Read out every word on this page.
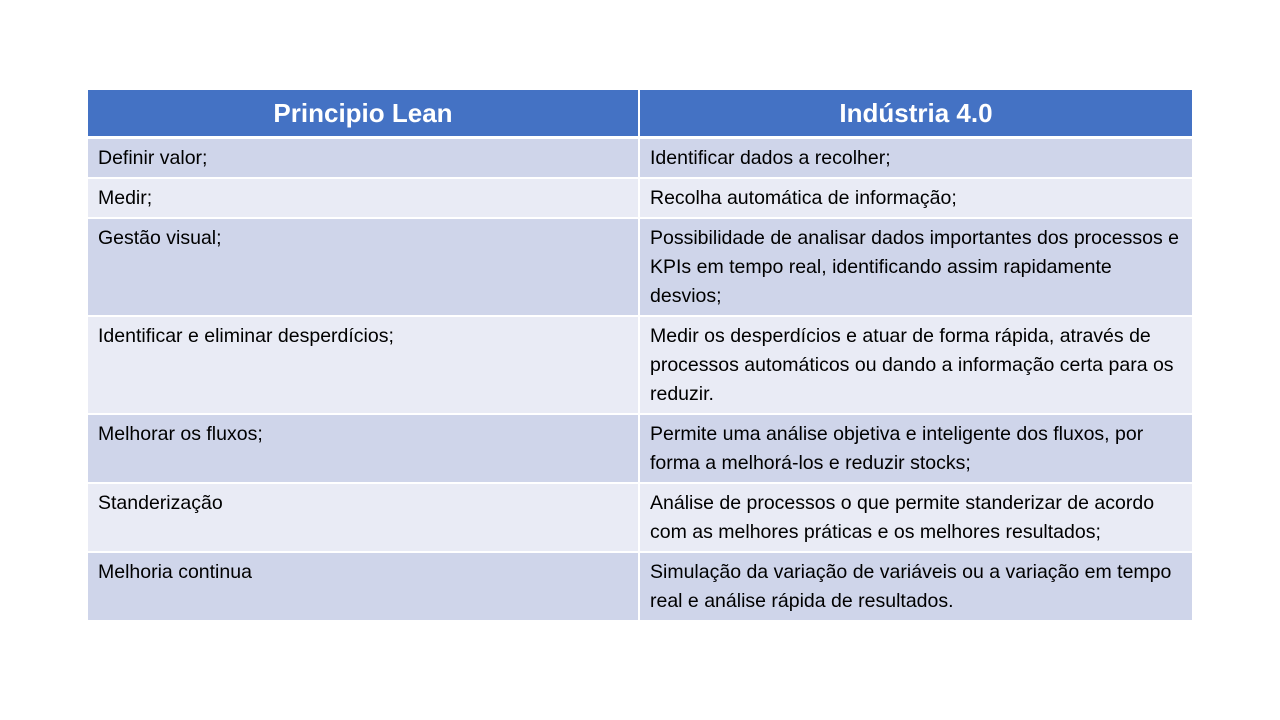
Principio Lean	Indústria 4.0
Definir valor;	Identificar dados a recolher;
Medir;	Recolha automática de informação;
Gestão visual;	Possibilidade de analisar dados importantes dos processos e KPIs em tempo real, identificando assim rapidamente desvios;
Identificar e eliminar desperdícios;	Medir os desperdícios e atuar de forma rápida, através de processos automáticos ou dando a informação certa para os reduzir.
Melhorar os fluxos;	Permite uma análise objetiva e inteligente dos fluxos, por forma a melhorá-los e reduzir stocks;
Standerização	Análise de processos o que permite standerizar de acordo com as melhores práticas e os melhores resultados;
Melhoria continua	Simulação da variação de variáveis ou a variação em tempo real e análise rápida de resultados.
